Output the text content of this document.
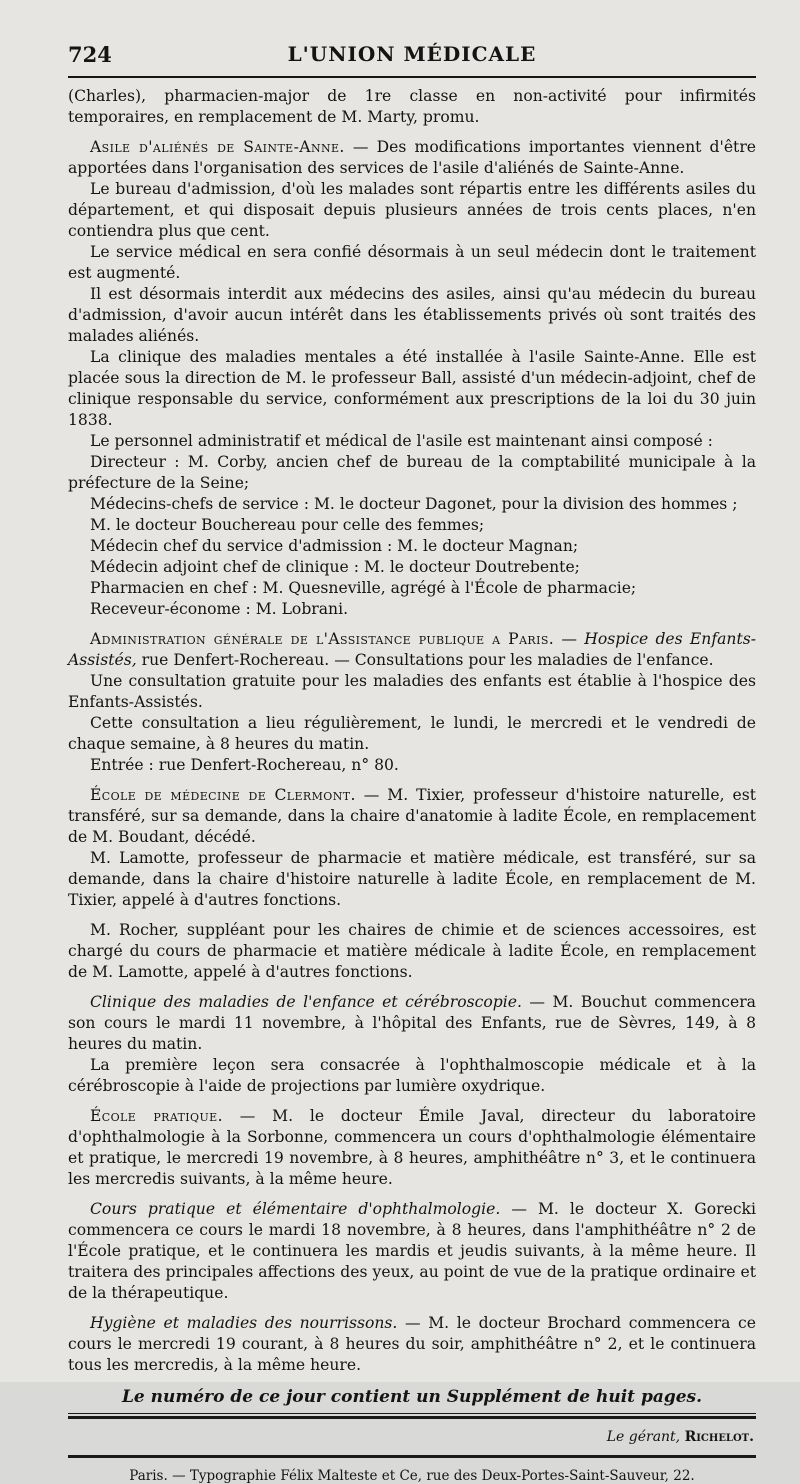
724	L'UNION MÉDICALE

(Charles), pharmacien-major de 1re classe en non-activité pour infirmités temporaires, en remplacement de M. Marty, promu.

Asile d'aliénés de Sainte-Anne. — Des modifications importantes viennent d'être apportées dans l'organisation des services de l'asile d'aliénés de Sainte-Anne.

Le bureau d'admission, d'où les malades sont répartis entre les différents asiles du département, et qui disposait depuis plusieurs années de trois cents places, n'en contiendra plus que cent.

Le service médical en sera confié désormais à un seul médecin dont le traitement est augmenté.

Il est désormais interdit aux médecins des asiles, ainsi qu'au médecin du bureau d'admission, d'avoir aucun intérêt dans les établissements privés où sont traités des malades aliénés.

La clinique des maladies mentales a été installée à l'asile Sainte-Anne. Elle est placée sous la direction de M. le professeur Ball, assisté d'un médecin-adjoint, chef de clinique responsable du service, conformément aux prescriptions de la loi du 30 juin 1838.

Le personnel administratif et médical de l'asile est maintenant ainsi composé :

Directeur : M. Corby, ancien chef de bureau de la comptabilité municipale à la préfecture de la Seine;

Médecins-chefs de service : M. le docteur Dagonet, pour la division des hommes ;

M. le docteur Bouchereau pour celle des femmes;

Médecin chef du service d'admission : M. le docteur Magnan;

Médecin adjoint chef de clinique : M. le docteur Doutrebente;

Pharmacien en chef : M. Quesneville, agrégé à l'École de pharmacie;

Receveur-économe : M. Lobrani.

Administration générale de l'Assistance publique a Paris. — Hospice des Enfants-Assistés, rue Denfert-Rochereau. — Consultations pour les maladies de l'enfance.

Une consultation gratuite pour les maladies des enfants est établie à l'hospice des Enfants-Assistés.

Cette consultation a lieu régulièrement, le lundi, le mercredi et le vendredi de chaque semaine, à 8 heures du matin.

Entrée : rue Denfert-Rochereau, n° 80.

École de médecine de Clermont. — M. Tixier, professeur d'histoire naturelle, est transféré, sur sa demande, dans la chaire d'anatomie à ladite École, en remplacement de M. Boudant, décédé.

M. Lamotte, professeur de pharmacie et matière médicale, est transféré, sur sa demande, dans la chaire d'histoire naturelle à ladite École, en remplacement de M. Tixier, appelé à d'autres fonctions.

M. Rocher, suppléant pour les chaires de chimie et de sciences accessoires, est chargé du cours de pharmacie et matière médicale à ladite École, en remplacement de M. Lamotte, appelé à d'autres fonctions.

Clinique des maladies de l'enfance et cérébroscopie. — M. Bouchut commencera son cours le mardi 11 novembre, à l'hôpital des Enfants, rue de Sèvres, 149, à 8 heures du matin.

La première leçon sera consacrée à l'ophthalmoscopie médicale et à la cérébroscopie à l'aide de projections par lumière oxydrique.

École pratique. — M. le docteur Émile Javal, directeur du laboratoire d'ophthalmologie à la Sorbonne, commencera un cours d'ophthalmologie élémentaire et pratique, le mercredi 19 novembre, à 8 heures, amphithéâtre n° 3, et le continuera les mercredis suivants, à la même heure.

Cours pratique et élémentaire d'ophthalmologie. — M. le docteur X. Gorecki commencera ce cours le mardi 18 novembre, à 8 heures, dans l'amphithéâtre n° 2 de l'École pratique, et le continuera les mardis et jeudis suivants, à la même heure. Il traitera des principales affections des yeux, au point de vue de la pratique ordinaire et de la thérapeutique.

Hygiène et maladies des nourrissons. — M. le docteur Brochard commencera ce cours le mercredi 19 courant, à 8 heures du soir, amphithéâtre n° 2, et le continuera tous les mercredis, à la même heure.

Le numéro de ce jour contient un Supplément de huit pages.
Le gérant, Richelot.
Paris. — Typographie Félix Malteste et Ce, rue des Deux-Portes-Saint-Sauveur, 22.
